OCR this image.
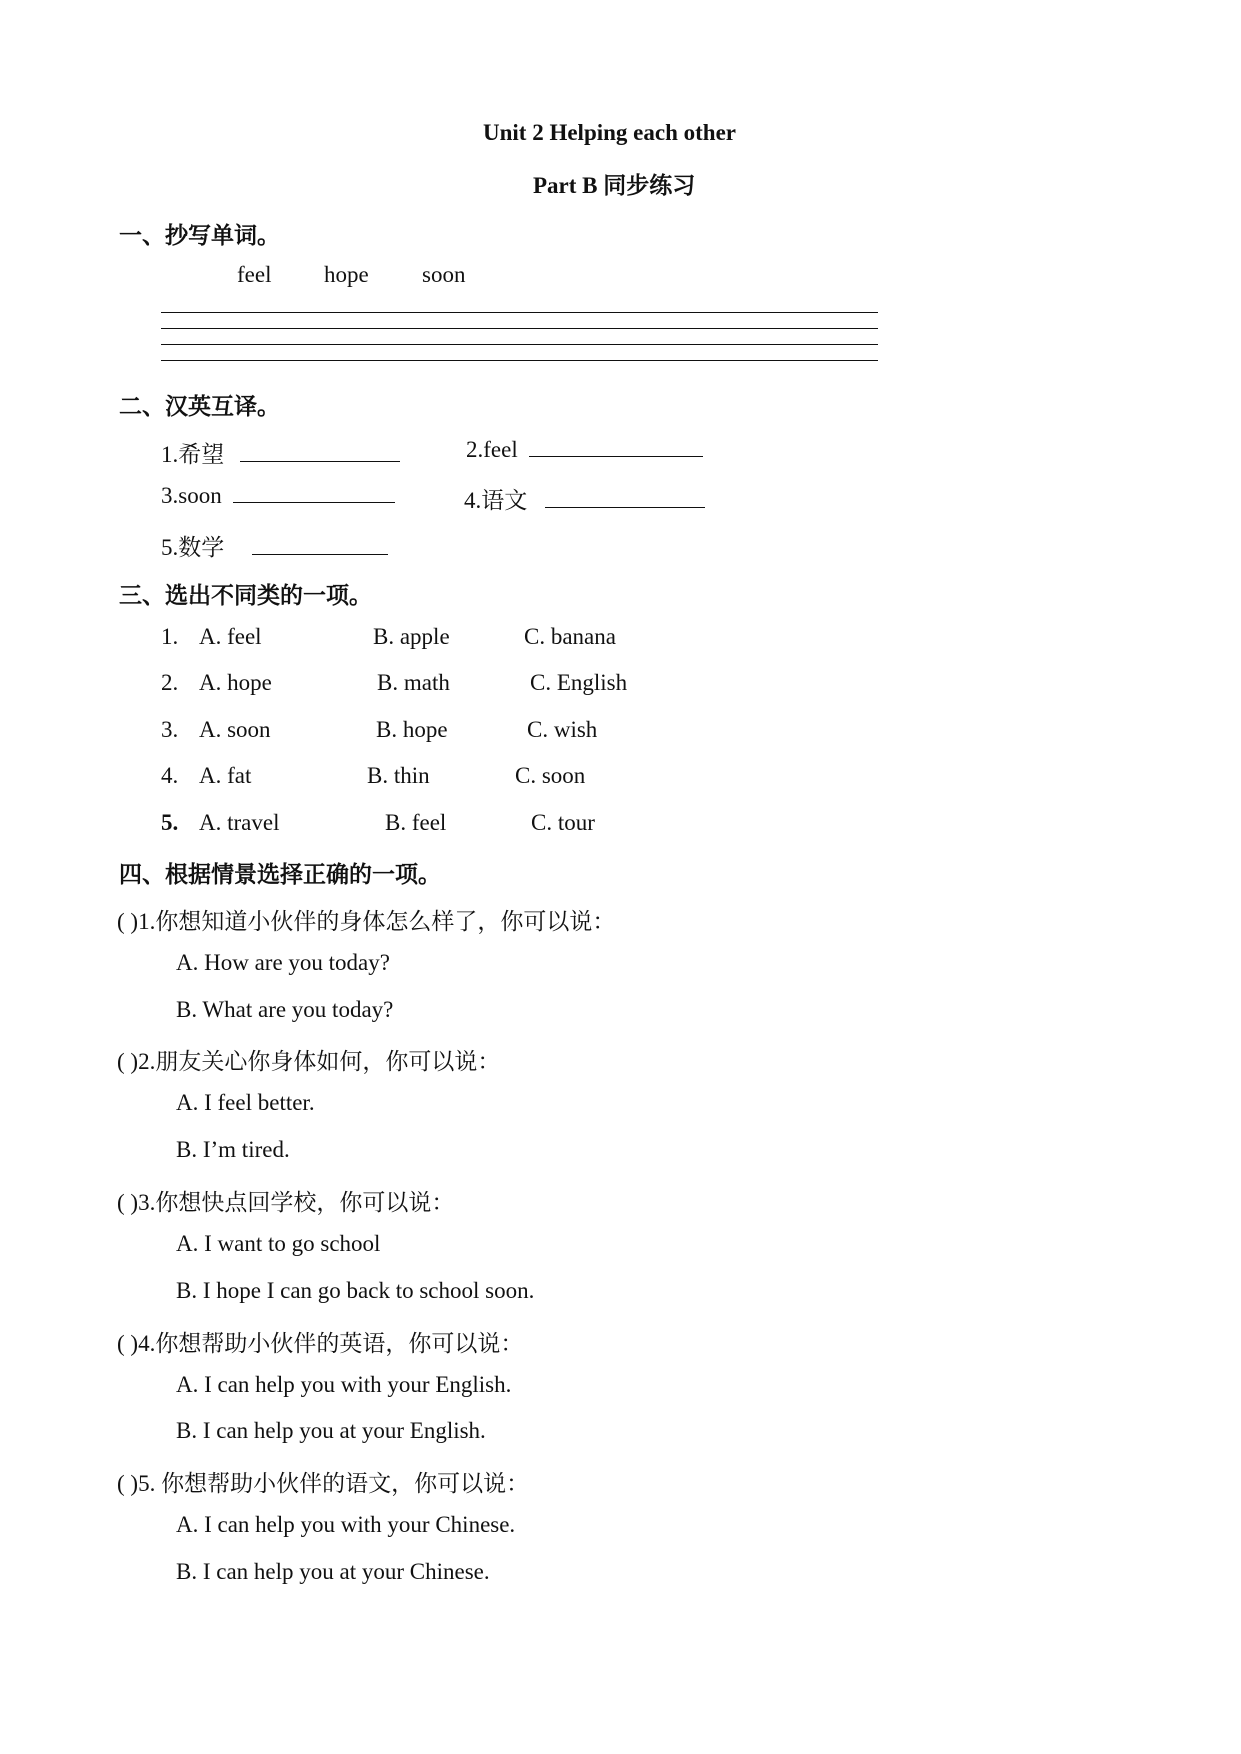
Unit 2 Helping each other
Part B 同步练习
一、抄写单词。
feel hope soon
二、汉英互译。
1.希望	2.feel
3.soon	4.语文
5.数学
三、选出不同类的一项。
1. A. feel	B. apple	C. banana
2. A. hope	B. math	C. English
3. A. soon	B. hope	C. wish
4. A. fat	B. thin	C. soon
5. A. travel	B. feel	C. tour
四、根据情景选择正确的一项。
( )1.你想知道小伙伴的身体怎么样了，你可以说：
A. How are you today?
B. What are you today?
( )2.朋友关心你身体如何，你可以说：
A. I feel better.
B. I’m tired.
( )3.你想快点回学校，你可以说：
A. I want to go school
B. I hope I can go back to school soon.
( )4.你想帮助小伙伴的英语，你可以说：
A. I can help you with your English.
B. I can help you at your English.
( )5. 你想帮助小伙伴的语文，你可以说：
A. I can help you with your Chinese.
B. I can help you at your Chinese.
